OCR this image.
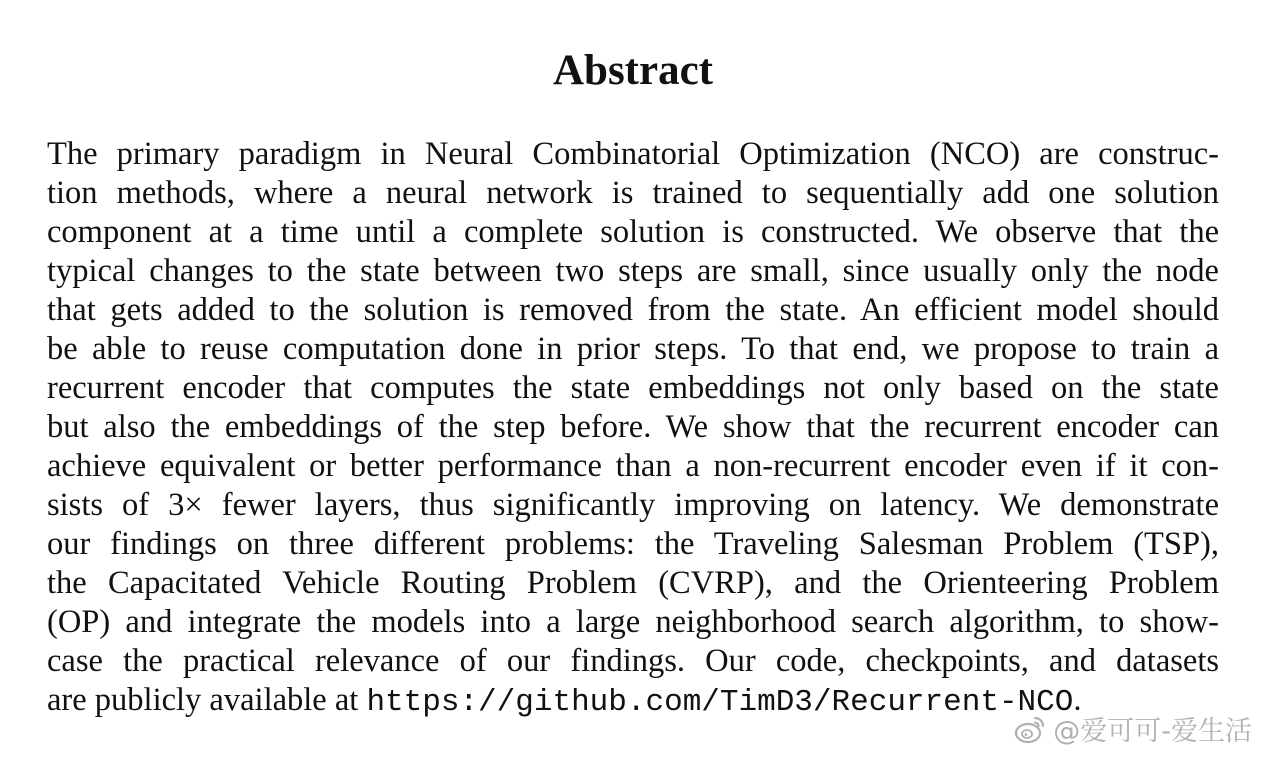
Abstract
The primary paradigm in Neural Combinatorial Optimization (NCO) are construc-
tion methods, where a neural network is trained to sequentially add one solution
component at a time until a complete solution is constructed. We observe that the
typical changes to the state between two steps are small, since usually only the node
that gets added to the solution is removed from the state. An efficient model should
be able to reuse computation done in prior steps. To that end, we propose to train a
recurrent encoder that computes the state embeddings not only based on the state
but also the embeddings of the step before. We show that the recurrent encoder can
achieve equivalent or better performance than a non-recurrent encoder even if it con-
sists of 3× fewer layers, thus significantly improving on latency. We demonstrate
our findings on three different problems: the Traveling Salesman Problem (TSP),
the Capacitated Vehicle Routing Problem (CVRP), and the Orienteering Problem
(OP) and integrate the models into a large neighborhood search algorithm, to show-
case the practical relevance of our findings. Our code, checkpoints, and datasets
are publicly available at https://github.com/TimD3/Recurrent-NCO.
@爱可可-爱生活
